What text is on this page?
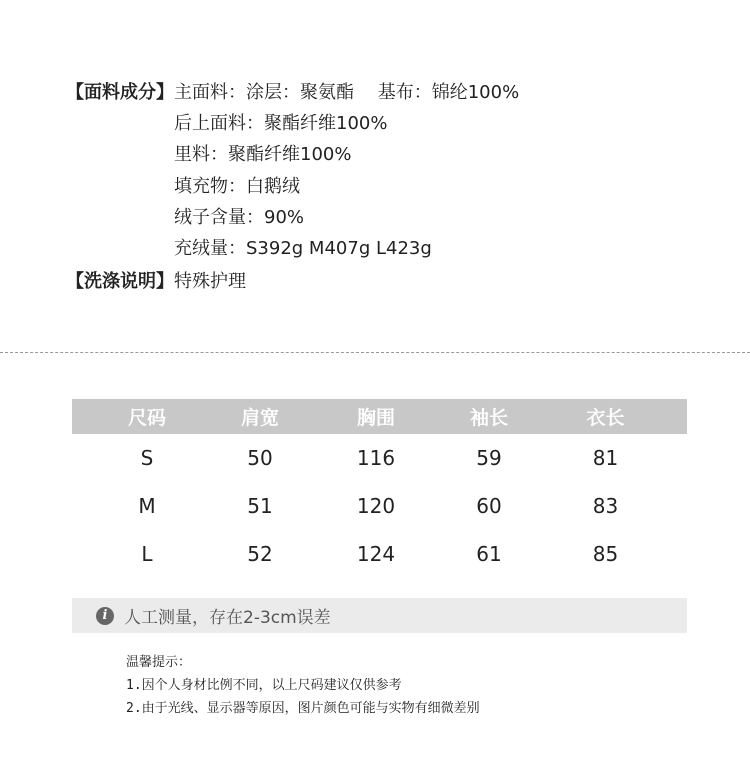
【面料成分】 主面料：涂层：聚氨酯　 基布：锦纶100%
后上面料：聚酯纤维100%
里料：聚酯纤维100%
填充物：白鹅绒
绒子含量：90%
充绒量：S392g M407g L423g
【洗涤说明】 特殊护理
尺码	肩宽	胸围	袖长	衣长
S	50	116	59	81
M	51	120	60	83
L	52	124	61	85
i 人工测量，存在2-3cm误差
温馨提示：
1.因个人身材比例不同，以上尺码建议仅供参考
2.由于光线、显示器等原因，图片颜色可能与实物有细微差别
